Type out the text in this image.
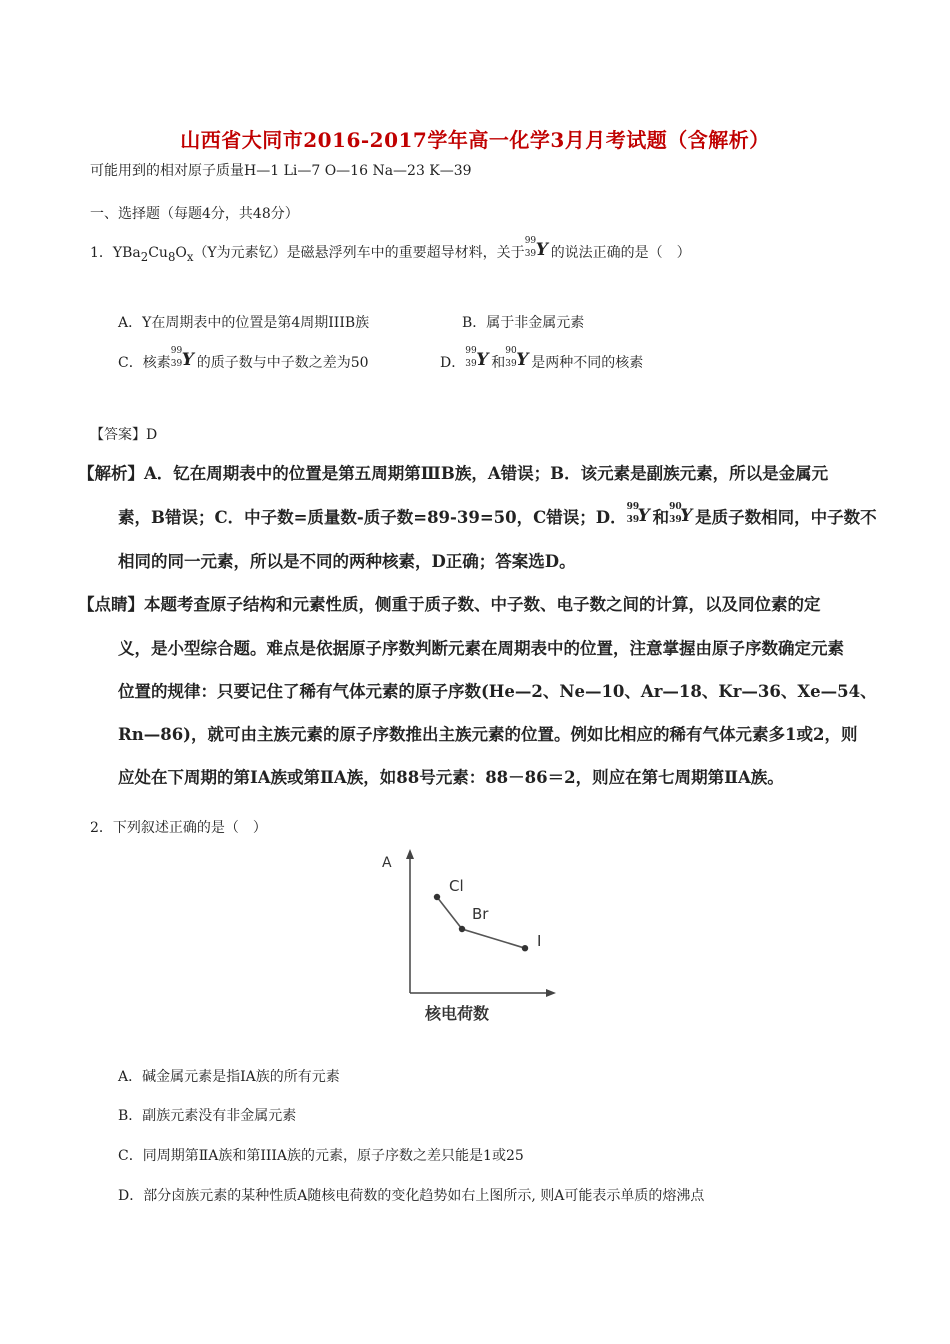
山西省大同市2016-2017学年高一化学3月月考试题（含解析）
可能用到的相对原子质量H—1 Li—7 O—16 Na—23 K—39
一、选择题（每题4分，共48分）
1．$YBa_2Cu_8O_x(Y$为元素钇）是磁悬浮列车中的重要超导材料，关于
99
39 Y 的说法正确的是（　）
A．Y在周期表中的位置是第4周期IIIB族	B．属于非金属元素
C．核素
99
39 Y 的质子数与中子数之差为50	D．
99
39 Y 和
90
39 Y 是两种不同的核素
【答案】D
【解析】A．钇在周期表中的位置是第五周期第ⅢB族，A错误；B．该元素是副族元素，所以是金属元
素，B错误；C．中子数=质量数-质子数=89-39=50，C错误；D．
99
39
Y 和
90
39
Y 是质子数相同，中子数不
相同的同一元素，所以是不同的两种核素，D正确；答案选D。
【点睛】本题考查原子结构和元素性质，侧重于质子数、中子数、电子数之间的计算，以及同位素的定
义，是小型综合题。难点是依据原子序数判断元素在周期表中的位置，注意掌握由原子序数确定元素
位置的规律：只要记住了稀有气体元素的原子序数(He—2、Ne—10、Ar—18、Kr—36、Xe—54、
Rn—86)，就可由主族元素的原子序数推出主族元素的位置。例如比相应的稀有气体元素多1或2，则
应处在下周期的第ⅠA族或第ⅡA族，如88号元素：88－86＝2，则应在第七周期第ⅡA族。
2．下列叙述正确的是（　）
A
核电荷数
Cl
Br
I
A．碱金属元素是指IA族的所有元素
B．副族元素没有非金属元素
C．同周期第ⅡA族和第IIIA族的元素，原子序数之差只能是1或25
D．部分卤族元素的某种性质A随核电荷数的变化趋势如右上图所示, 则A可能表示单质的熔沸点
